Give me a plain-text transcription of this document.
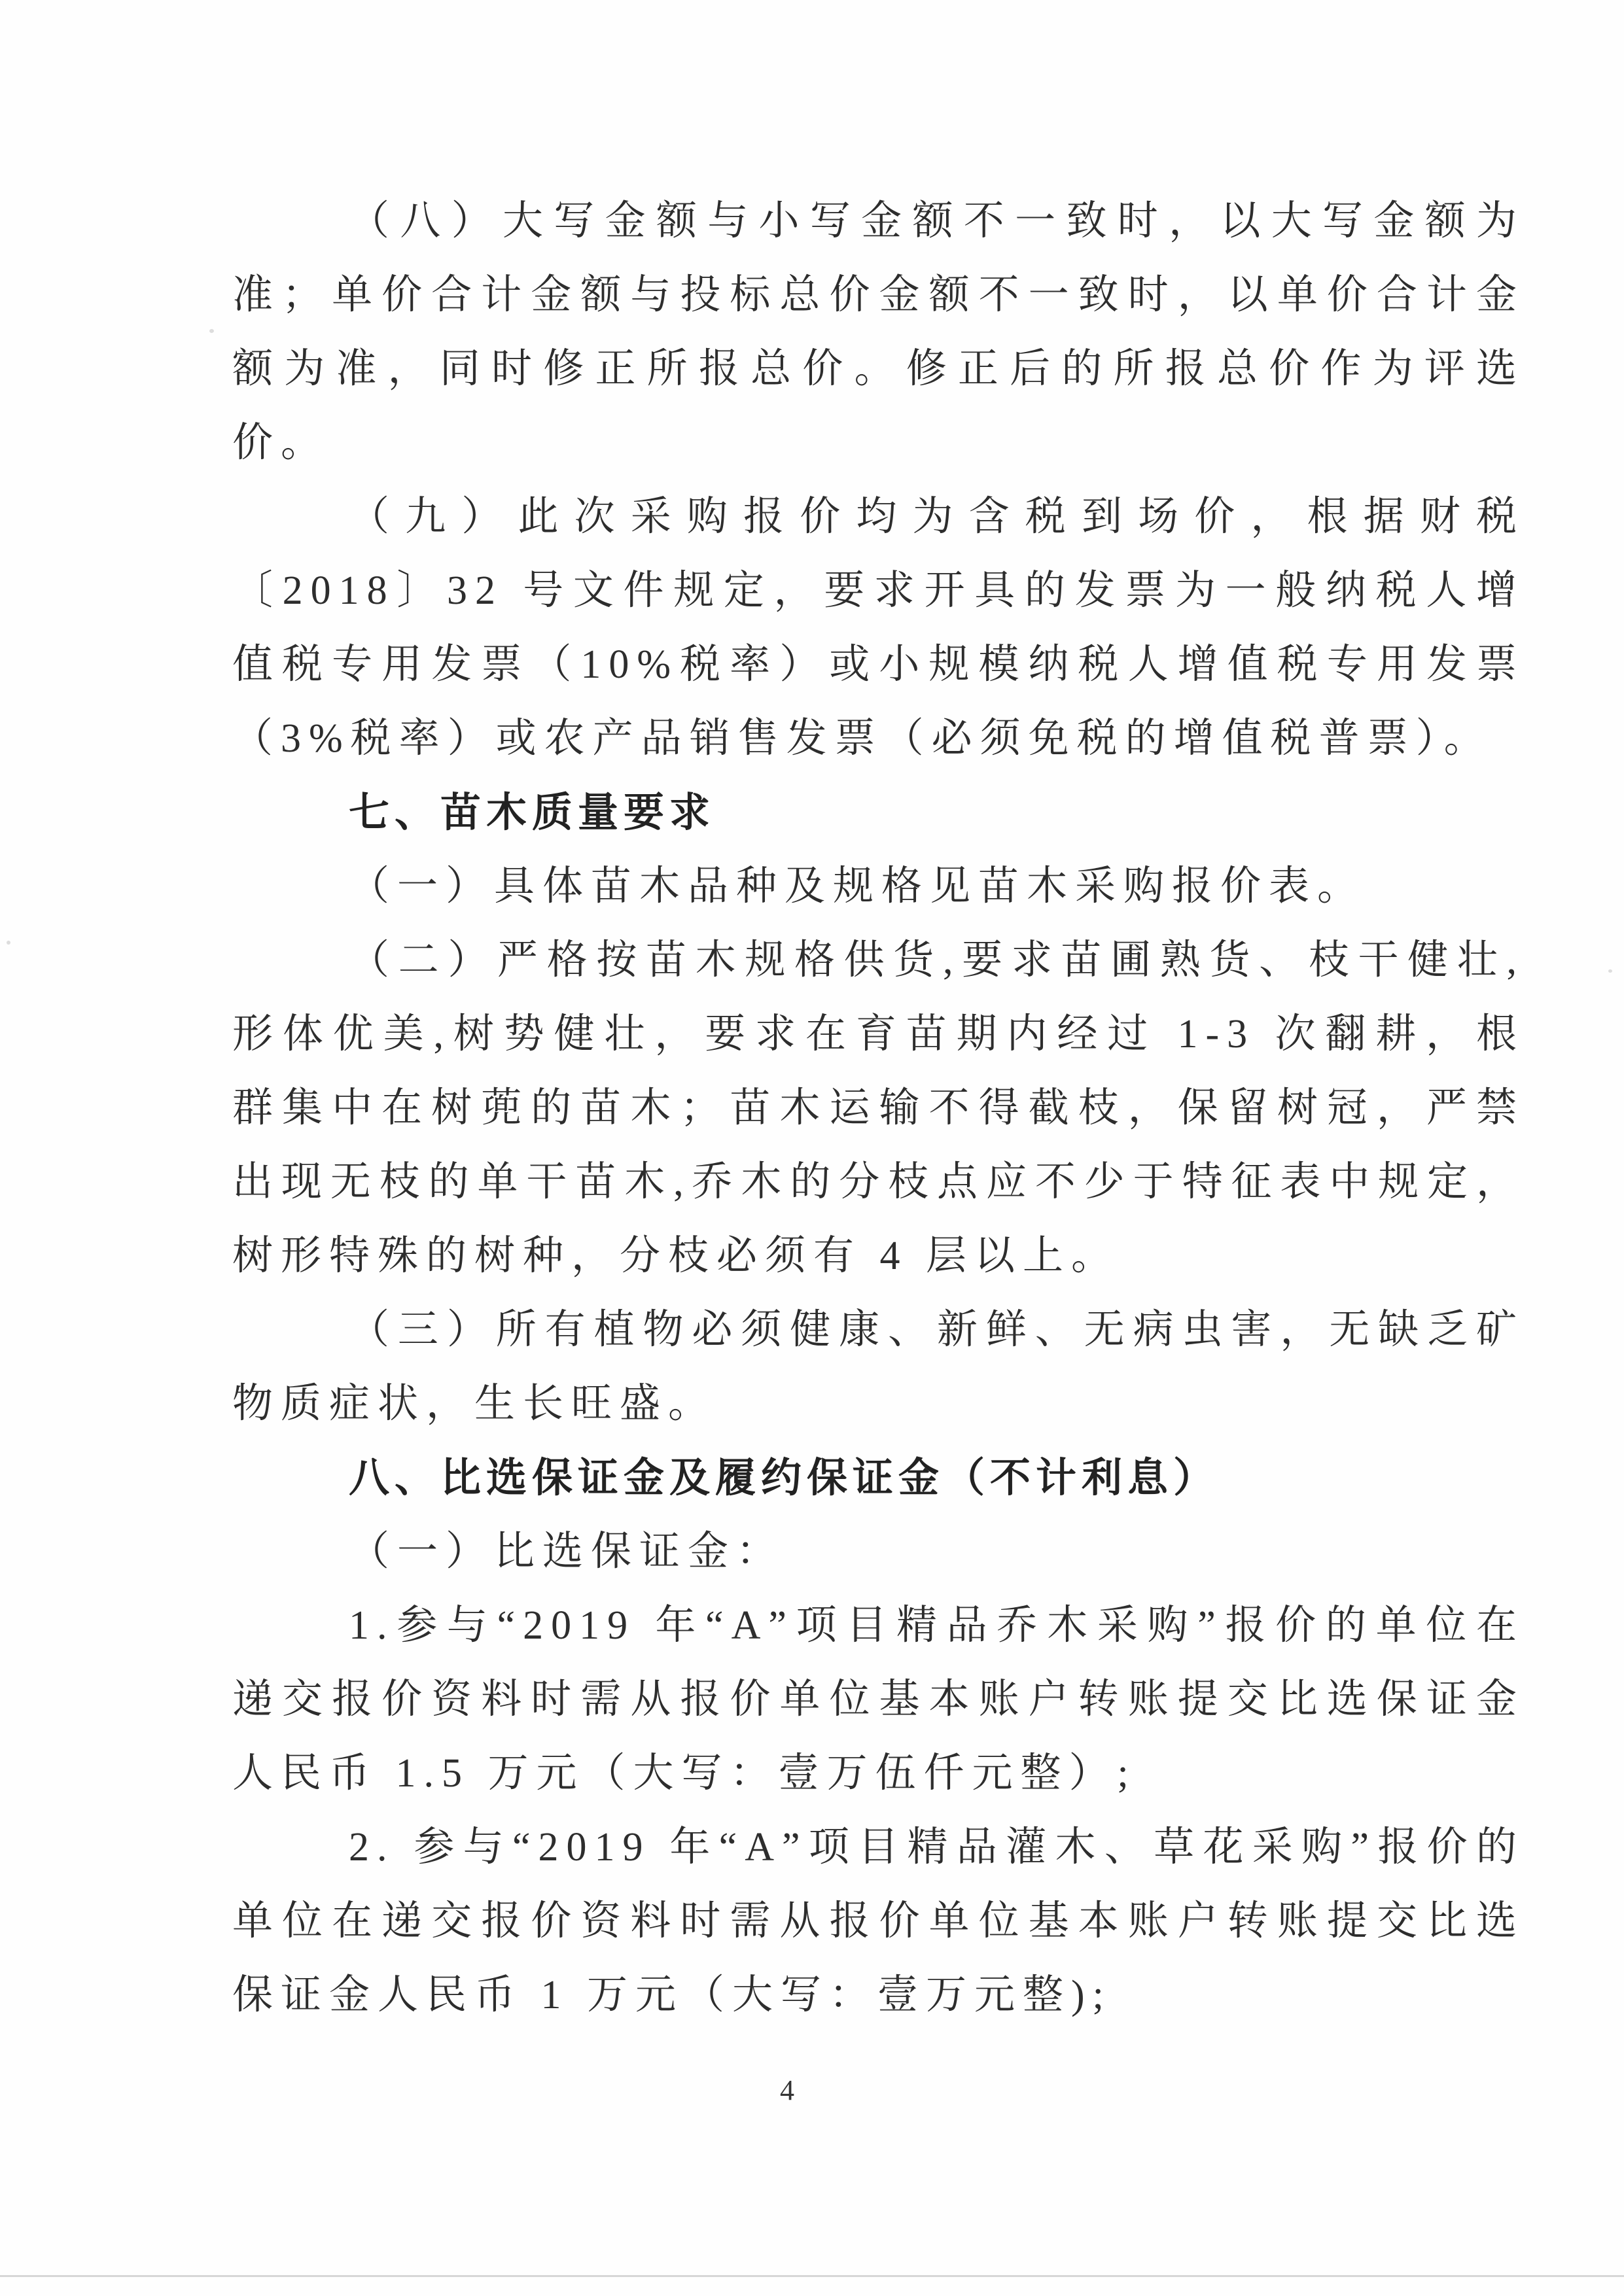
（八）大写金额与小写金额不一致时，以大写金额为准；单价合计金额与投标总价金额不一致时，以单价合计金额为准，同时修正所报总价。修正后的所报总价作为评选价。

（九）此次采购报价均为含税到场价，根据财税〔2018〕32 号文件规定，要求开具的发票为一般纳税人增值税专用发票（10%税率）或小规模纳税人增值税专用发票（3%税率）或农产品销售发票（必须免税的增值税普票）。

七、苗木质量要求

（一）具体苗木品种及规格见苗木采购报价表。

（二）严格按苗木规格供货,要求苗圃熟货、枝干健壮,形体优美,树势健壮，要求在育苗期内经过 1-3 次翻耕，根群集中在树蔸的苗木；苗木运输不得截枝，保留树冠，严禁出现无枝的单干苗木,乔木的分枝点应不少于特征表中规定，树形特殊的树种，分枝必须有 4 层以上。

（三）所有植物必须健康、新鲜、无病虫害，无缺乏矿物质症状，生长旺盛。

八、比选保证金及履约保证金（不计利息）

（一）比选保证金：

1.参与“2019 年“A”项目精品乔木采购”报价的单位在递交报价资料时需从报价单位基本账户转账提交比选保证金人民币 1.5 万元（大写：壹万伍仟元整）;

2. 参与“2019 年“A”项目精品灌木、草花采购”报价的单位在递交报价资料时需从报价单位基本账户转账提交比选保证金人民币 1 万元（大写：壹万元整);

4
